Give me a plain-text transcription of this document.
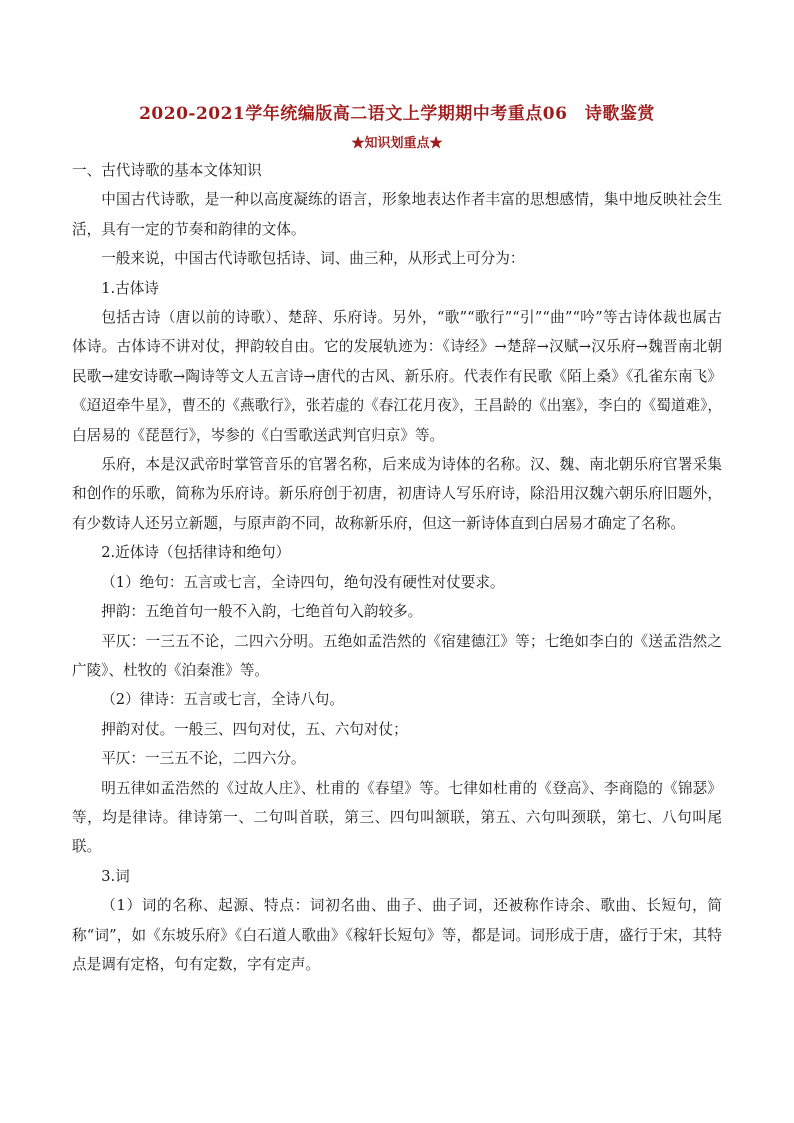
2020-2021学年统编版高二语文上学期期中考重点06　诗歌鉴赏
★知识划重点★

一、古代诗歌的基本文体知识

中国古代诗歌，是一种以高度凝练的语言，形象地表达作者丰富的思想感情，集中地反映社会生活，具有一定的节奏和韵律的文体。

一般来说，中国古代诗歌包括诗、词、曲三种，从形式上可分为：

1.古体诗

包括古诗（唐以前的诗歌）、楚辞、乐府诗。另外，“歌”“歌行”“引”“曲”“吟”等古诗体裁也属古体诗。古体诗不讲对仗，押韵较自由。它的发展轨迹为：《诗经》→楚辞→汉赋→汉乐府→魏晋南北朝民歌→建安诗歌→陶诗等文人五言诗→唐代的古风、新乐府。代表作有民歌《陌上桑》《孔雀东南飞》《迢迢牵牛星》，曹丕的《燕歌行》，张若虚的《春江花月夜》，王昌龄的《出塞》，李白的《蜀道难》，白居易的《琵琶行》，岑参的《白雪歌送武判官归京》等。

乐府，本是汉武帝时掌管音乐的官署名称，后来成为诗体的名称。汉、魏、南北朝乐府官署采集和创作的乐歌，简称为乐府诗。新乐府创于初唐，初唐诗人写乐府诗，除沿用汉魏六朝乐府旧题外，有少数诗人还另立新题，与原声韵不同，故称新乐府，但这一新诗体直到白居易才确定了名称。

2.近体诗（包括律诗和绝句）

（1）绝句：五言或七言，全诗四句，绝句没有硬性对仗要求。

押韵：五绝首句一般不入韵，七绝首句入韵较多。

平仄：一三五不论，二四六分明。五绝如孟浩然的《宿建德江》等；七绝如李白的《送孟浩然之广陵》、杜牧的《泊秦淮》等。

（2）律诗：五言或七言，全诗八句。

押韵对仗。一般三、四句对仗，五、六句对仗；

平仄：一三五不论，二四六分。

明五律如孟浩然的《过故人庄》、杜甫的《春望》等。七律如杜甫的《登高》、李商隐的《锦瑟》等，均是律诗。律诗第一、二句叫首联，第三、四句叫颔联，第五、六句叫颈联，第七、八句叫尾联。

3.词

（1）词的名称、起源、特点：词初名曲、曲子、曲子词，还被称作诗余、歌曲、长短句，简称“词”，如《东坡乐府》《白石道人歌曲》《稼轩长短句》等，都是词。词形成于唐，盛行于宋，其特点是调有定格，句有定数，字有定声。
